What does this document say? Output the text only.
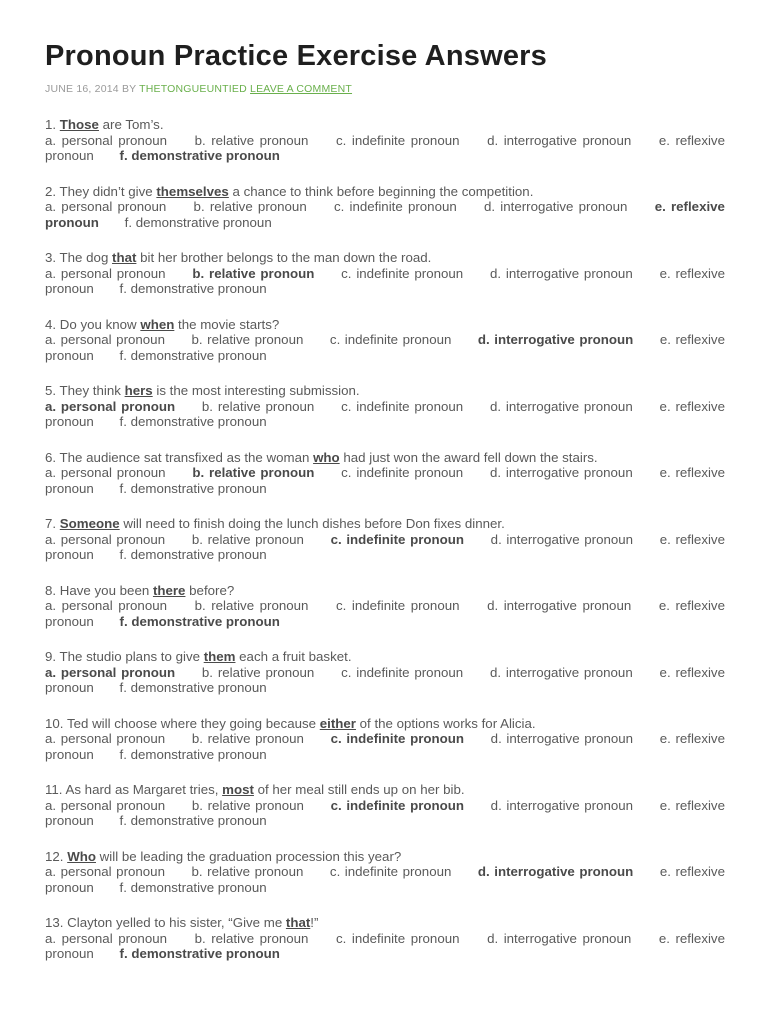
Pronoun Practice Exercise Answers
JUNE 16, 2014 BY THETONGUEUNTIED LEAVE A COMMENT
1. Those are Tom’s.
a. personal pronoun b. relative pronoun c. indefinite pronoun d. interrogative pronoun e. reflexive pronoun f. demonstrative pronoun
2. They didn’t give themselves a chance to think before beginning the competition.
a. personal pronoun b. relative pronoun c. indefinite pronoun d. interrogative pronoun e. reflexive pronoun f. demonstrative pronoun
3. The dog that bit her brother belongs to the man down the road.
a. personal pronoun b. relative pronoun c. indefinite pronoun d. interrogative pronoun e. reflexive pronoun f. demonstrative pronoun
4. Do you know when the movie starts?
a. personal pronoun b. relative pronoun c. indefinite pronoun d. interrogative pronoun e. reflexive pronoun f. demonstrative pronoun
5. They think hers is the most interesting submission.
a. personal pronoun b. relative pronoun c. indefinite pronoun d. interrogative pronoun e. reflexive pronoun f. demonstrative pronoun
6. The audience sat transfixed as the woman who had just won the award fell down the stairs.
a. personal pronoun b. relative pronoun c. indefinite pronoun d. interrogative pronoun e. reflexive pronoun f. demonstrative pronoun
7. Someone will need to finish doing the lunch dishes before Don fixes dinner.
a. personal pronoun b. relative pronoun c. indefinite pronoun d. interrogative pronoun e. reflexive pronoun f. demonstrative pronoun
8. Have you been there before?
a. personal pronoun b. relative pronoun c. indefinite pronoun d. interrogative pronoun e. reflexive pronoun f. demonstrative pronoun
9. The studio plans to give them each a fruit basket.
a. personal pronoun b. relative pronoun c. indefinite pronoun d. interrogative pronoun e. reflexive pronoun f. demonstrative pronoun
10. Ted will choose where they going because either of the options works for Alicia.
a. personal pronoun b. relative pronoun c. indefinite pronoun d. interrogative pronoun e. reflexive pronoun f. demonstrative pronoun
11. As hard as Margaret tries, most of her meal still ends up on her bib.
a. personal pronoun b. relative pronoun c. indefinite pronoun d. interrogative pronoun e. reflexive pronoun f. demonstrative pronoun
12. Who will be leading the graduation procession this year?
a. personal pronoun b. relative pronoun c. indefinite pronoun d. interrogative pronoun e. reflexive pronoun f. demonstrative pronoun
13. Clayton yelled to his sister, “Give me that!”
a. personal pronoun b. relative pronoun c. indefinite pronoun d. interrogative pronoun e. reflexive pronoun f. demonstrative pronoun
